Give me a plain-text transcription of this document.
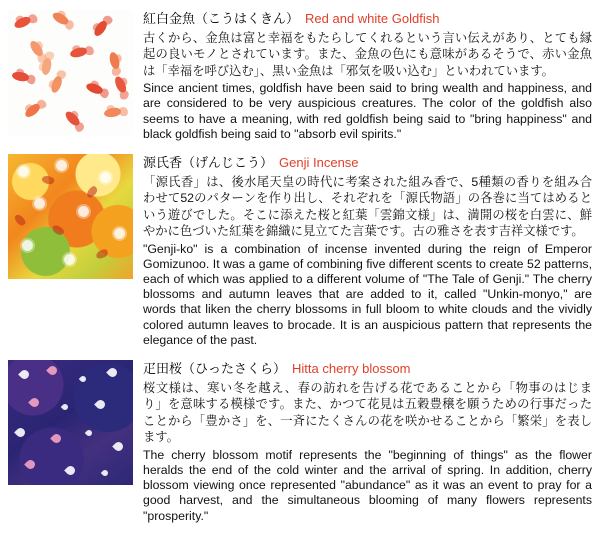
紅白金魚（こうはくきん） Red and white Goldfish

古くから、金魚は富と幸福をもたらしてくれるという言い伝えがあり、とても縁起の良いモノとされています。また、金魚の色にも意味があるそうで、赤い金魚は「幸福を呼び込む」、黒い金魚は「邪気を吸い込む」といわれています。

Since ancient times, goldfish have been said to bring wealth and happiness, and are considered to be very auspicious creatures. The color of the goldfish also seems to have a meaning, with red goldfish being said to "bring happiness" and black goldfish being said to "absorb evil spirits."

源氏香（げんじこう） Genji Incense

「源氏香」は、後水尾天皇の時代に考案された組み香で、5種類の香りを組み合わせて52のパターンを作り出し、それぞれを「源氏物語」の各巻に当てはめるという遊びでした。そこに添えた桜と紅葉「雲錦文様」は、満開の桜を白雲に、鮮やかに色づいた紅葉を錦織に見立てた言葉です。古の雅さを表す吉祥文様です。

"Genji-ko" is a combination of incense invented during the reign of Emperor Gomizunoo. It was a game of combining five different scents to create 52 patterns, each of which was applied to a different volume of "The Tale of Genji." The cherry blossoms and autumn leaves that are added to it, called "Unkin-monyo," are words that liken the cherry blossoms in full bloom to white clouds and the vividly colored autumn leaves to brocade. It is an auspicious pattern that represents the elegance of the past.

疋田桜（ひったさくら） Hitta cherry blossom

桜文様は、寒い冬を越え、春の訪れを告げる花であることから「物事のはじまり」を意味する模様です。また、かつて花見は五穀豊穣を願うための行事だったことから「豊かさ」を、一斉にたくさんの花を咲かせることから「繁栄」を表します。

The cherry blossom motif represents the "beginning of things" as the flower heralds the end of the cold winter and the arrival of spring. In addition, cherry blossom viewing once represented "abundance" as it was an event to pray for a good harvest, and the simultaneous blooming of many flowers represents "prosperity."
